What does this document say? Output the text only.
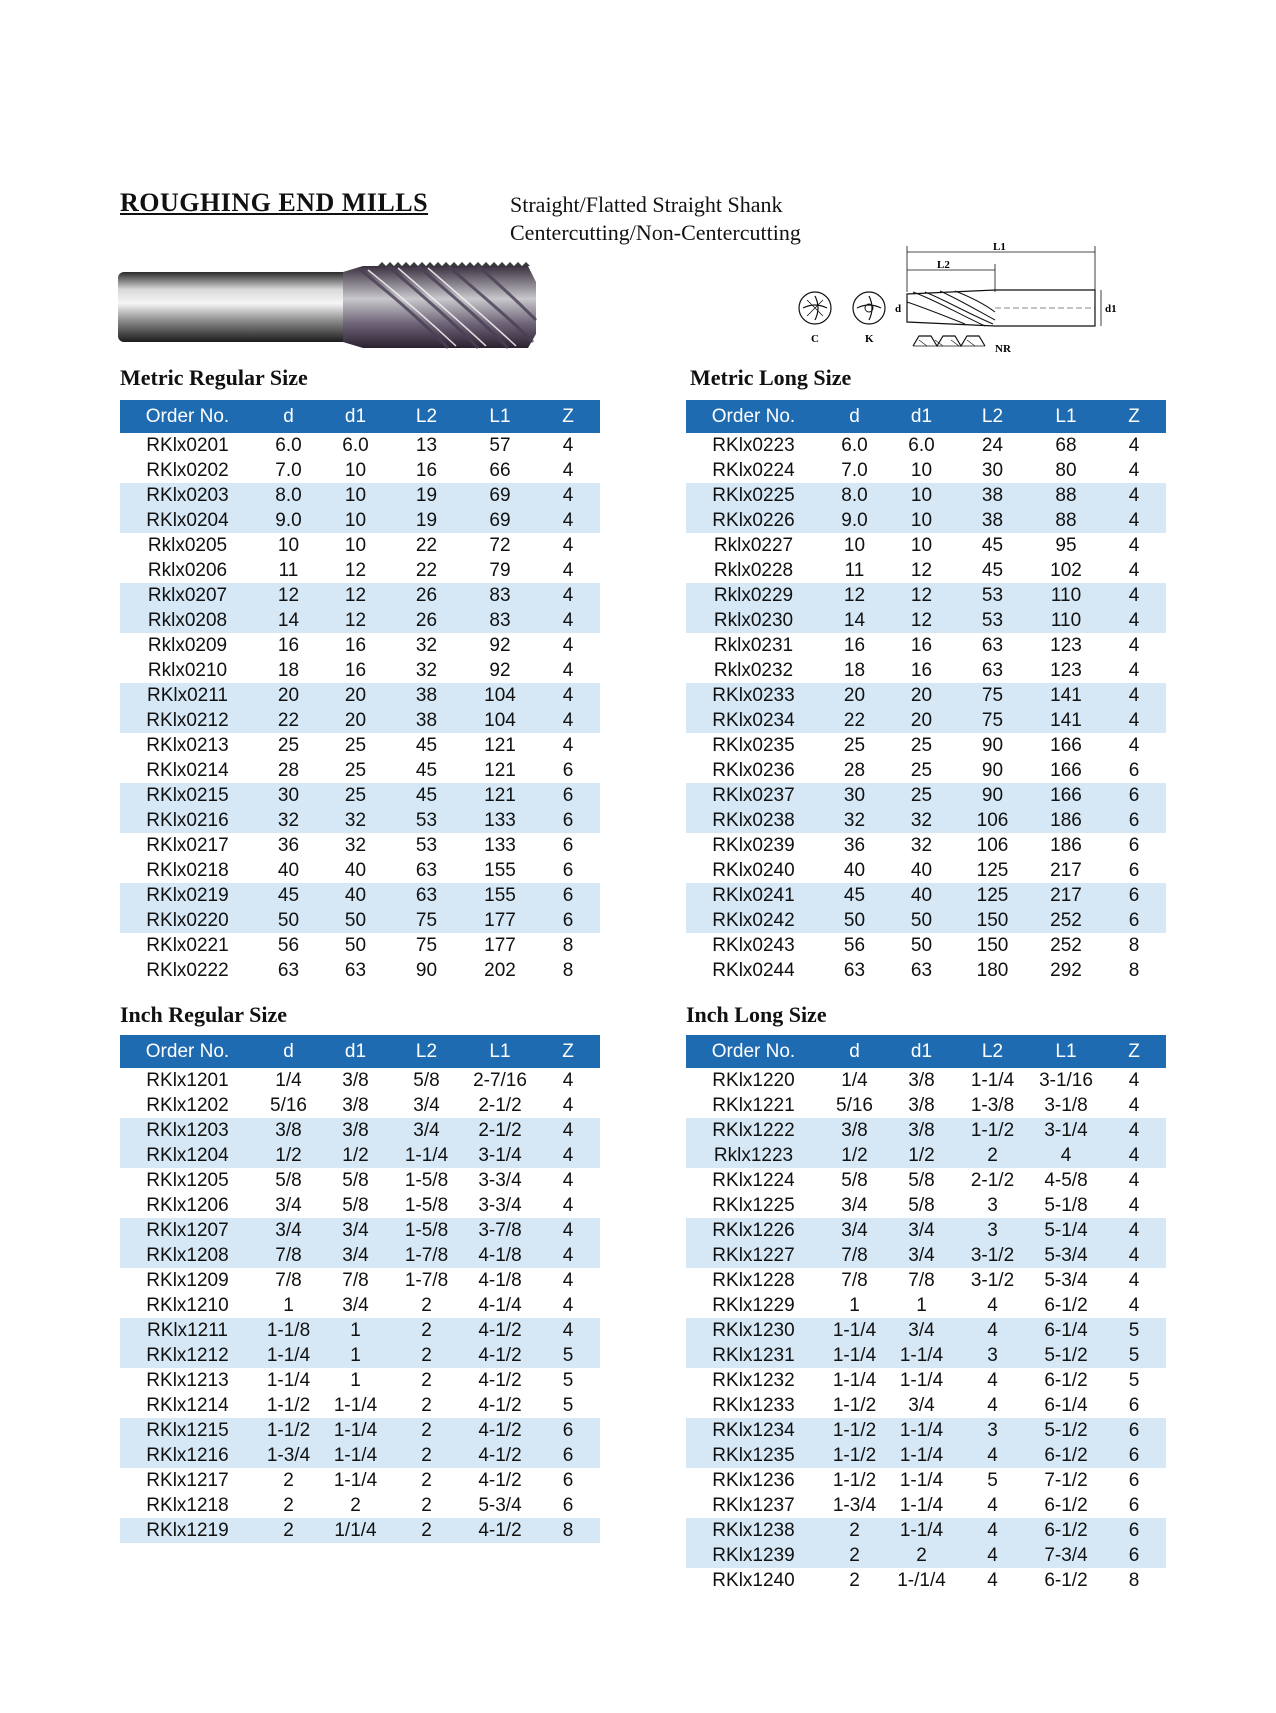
ROUGHING END MILLS	Straight/Flatted Straight Shank
Centercutting/Non-Centercutting
C	K
L1
L2
d	d1
NR
Metric Regular Size	Metric Long Size
Inch Regular Size	Inch Long Size
Order No.	d	d1	L2	L1	Z
RKlx0201	6.0	6.0	13	57	4
RKlx0202	7.0	10	16	66	4
RKlx0203	8.0	10	19	69	4
RKlx0204	9.0	10	19	69	4
Rklx0205	10	10	22	72	4
Rklx0206	11	12	22	79	4
Rklx0207	12	12	26	83	4
Rklx0208	14	12	26	83	4
Rklx0209	16	16	32	92	4
Rklx0210	18	16	32	92	4
RKlx0211	20	20	38	104	4
RKlx0212	22	20	38	104	4
RKlx0213	25	25	45	121	4
RKlx0214	28	25	45	121	6
RKlx0215	30	25	45	121	6
RKlx0216	32	32	53	133	6
RKlx0217	36	32	53	133	6
RKlx0218	40	40	63	155	6
RKlx0219	45	40	63	155	6
RKlx0220	50	50	75	177	6
RKlx0221	56	50	75	177	8
RKlx0222	63	63	90	202	8
Order No.	d	d1	L2	L1	Z
RKlx0223	6.0	6.0	24	68	4
RKlx0224	7.0	10	30	80	4
RKlx0225	8.0	10	38	88	4
RKlx0226	9.0	10	38	88	4
Rklx0227	10	10	45	95	4
Rklx0228	11	12	45	102	4
Rklx0229	12	12	53	110	4
Rklx0230	14	12	53	110	4
Rklx0231	16	16	63	123	4
Rklx0232	18	16	63	123	4
RKlx0233	20	20	75	141	4
RKlx0234	22	20	75	141	4
RKlx0235	25	25	90	166	4
RKlx0236	28	25	90	166	6
RKlx0237	30	25	90	166	6
RKlx0238	32	32	106	186	6
RKlx0239	36	32	106	186	6
RKlx0240	40	40	125	217	6
RKlx0241	45	40	125	217	6
RKlx0242	50	50	150	252	6
RKlx0243	56	50	150	252	8
RKlx0244	63	63	180	292	8
Order No.	d	d1	L2	L1	Z
RKlx1201	1/4	3/8	5/8	2-7/16	4
RKlx1202	5/16	3/8	3/4	2-1/2	4
RKlx1203	3/8	3/8	3/4	2-1/2	4
RKlx1204	1/2	1/2	1-1/4	3-1/4	4
RKlx1205	5/8	5/8	1-5/8	3-3/4	4
RKlx1206	3/4	5/8	1-5/8	3-3/4	4
RKlx1207	3/4	3/4	1-5/8	3-7/8	4
RKlx1208	7/8	3/4	1-7/8	4-1/8	4
RKlx1209	7/8	7/8	1-7/8	4-1/8	4
RKlx1210	1	3/4	2	4-1/4	4
RKlx1211	1-1/8	1	2	4-1/2	4
RKlx1212	1-1/4	1	2	4-1/2	5
RKlx1213	1-1/4	1	2	4-1/2	5
RKlx1214	1-1/2	1-1/4	2	4-1/2	5
RKlx1215	1-1/2	1-1/4	2	4-1/2	6
RKlx1216	1-3/4	1-1/4	2	4-1/2	6
RKlx1217	2	1-1/4	2	4-1/2	6
RKlx1218	2	2	2	5-3/4	6
RKlx1219	2	1/1/4	2	4-1/2	8
Order No.	d	d1	L2	L1	Z
RKlx1220	1/4	3/8	1-1/4	3-1/16	4
RKlx1221	5/16	3/8	1-3/8	3-1/8	4
RKlx1222	3/8	3/8	1-1/2	3-1/4	4
Rklx1223	1/2	1/2	2	4	4
RKlx1224	5/8	5/8	2-1/2	4-5/8	4
RKlx1225	3/4	5/8	3	5-1/8	4
RKlx1226	3/4	3/4	3	5-1/4	4
RKlx1227	7/8	3/4	3-1/2	5-3/4	4
RKlx1228	7/8	7/8	3-1/2	5-3/4	4
RKlx1229	1	1	4	6-1/2	4
RKlx1230	1-1/4	3/4	4	6-1/4	5
RKlx1231	1-1/4	1-1/4	3	5-1/2	5
RKlx1232	1-1/4	1-1/4	4	6-1/2	5
RKlx1233	1-1/2	3/4	4	6-1/4	6
RKlx1234	1-1/2	1-1/4	3	5-1/2	6
RKlx1235	1-1/2	1-1/4	4	6-1/2	6
RKlx1236	1-1/2	1-1/4	5	7-1/2	6
RKlx1237	1-3/4	1-1/4	4	6-1/2	6
RKlx1238	2	1-1/4	4	6-1/2	6
RKlx1239	2	2	4	7-3/4	6
RKlx1240	2	1-/1/4	4	6-1/2	8
